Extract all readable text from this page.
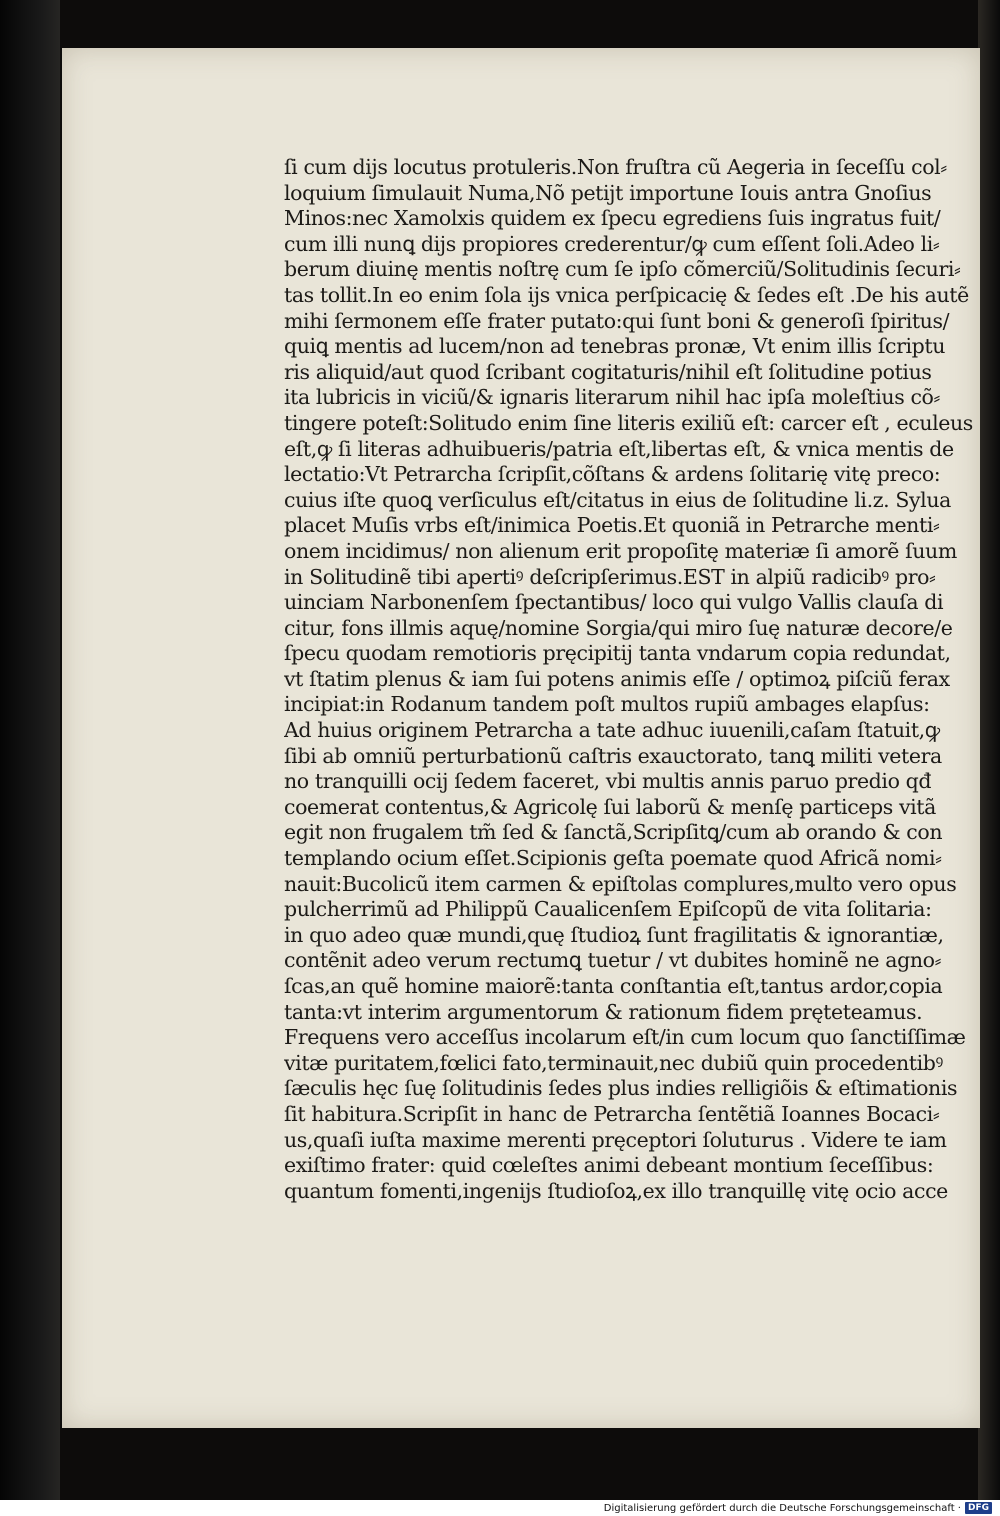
ſi cum dijs locutus protuleris.Non fruſtra cũ Aegeria in ſeceſſu col⸗
loquium ſimulauit Numa,Nõ petijt importune Iouis antra Gnoſius
Minos:nec Xamolxis quidem ex ſpecu egrediens ſuis ingratus fuit/
cum illi nunꝗ dijs propiores crederentur/ꝙ cum eſſent ſoli.Adeo li⸗
berum diuinę mentis noſtrę cum ſe ipſo cõmerciũ/Solitudinis ſecuri⸗
tas tollit.In eo enim ſola ijs vnica perſpicacię & ſedes eſt .De his autẽ
mihi ſermonem eſſe frater putato:qui ſunt boni & generoſi ſpiritus/
quiꝗ mentis ad lucem/non ad tenebras pronæ, Vt enim illis ſcriptu
ris aliquid/aut quod ſcribant cogitaturis/nihil eſt ſolitudine potius
ita lubricis in viciũ/& ignaris literarum nihil hac ipſa moleſtius cõ⸗
tingere poteſt:Solitudo enim ſine literis exiliũ eſt: carcer eſt , eculeus
eſt,ꝙ ſi literas adhuibueris/patria eſt,libertas eſt, & vnica mentis de
lectatio:Vt Petrarcha ſcripſit,cõſtans & ardens ſolitarię vitę preco:
cuius iſte quoꝗ verſiculus eſt/citatus in eius de ſolitudine li.z. Sylua
placet Muſis vrbs eſt/inimica Poetis.Et quoniã in Petrarche menti⸗
onem incidimus/ non alienum erit propoſitę materiæ ſi amorẽ ſuum
in Solitudinẽ tibi apertiꝰ deſcripſerimus.EST in alpiũ radicibꝰ pro⸗
uinciam Narbonenſem ſpectantibus/ loco qui vulgo Vallis clauſa di
citur, fons illmis aquę/nomine Sorgia/qui miro ſuę naturæ decore/e
ſpecu quodam remotioris pręcipitij tanta vndarum copia redundat,
vt ſtatim plenus & iam ſui potens animis eſſe / optimoꝝ piſciũ ferax
incipiat:in Rodanum tandem poſt multos rupiũ ambages elapſus:
Ad huius originem Petrarcha a tate adhuc iuuenili,caſam ſtatuit,ꝙ
ſibi ab omniũ perturbationũ caſtris exauctorato, tanꝗ militi vetera
no tranquilli ocij ſedem faceret, vbi multis annis paruo predio qđ
coemerat contentus,& Agricolę ſui laborũ & menſę particeps vitã
egit non frugalem tm̃ ſed & ſanctã,Scripſitꝗ/cum ab orando & con
templando ocium eſſet.Scipionis geſta poemate quod Africã nomi⸗
nauit:Bucolicũ item carmen & epiſtolas complures,multo vero opus
pulcherrimũ ad Philippũ Caualicenſem Epiſcopũ de vita ſolitaria:
in quo adeo quæ mundi,quę ſtudioꝝ ſunt fragilitatis & ignorantiæ,
contẽnit adeo verum rectumꝗ tuetur / vt dubites hominẽ ne agno⸗
ſcas,an quẽ homine maiorẽ:tanta conſtantia eſt,tantus ardor,copia
tanta:vt interim argumentorum & rationum fidem pręteteamus.
Frequens vero acceſſus incolarum eſt/in cum locum quo ſanctiſſimæ
vitæ puritatem,fœlici fato,terminauit,nec dubiũ quin procedentibꝰ
ſæculis hęc ſuę ſolitudinis ſedes plus indies relligiõis & eſtimationis
ſit habitura.Scripſit in hanc de Petrarcha ſentẽtiã Ioannes Bocaci⸗
us,quaſi iuſta maxime merenti pręceptori ſoluturus . Videre te iam
exiſtimo frater: quid cœleſtes animi debeant montium ſeceſſibus:
quantum fomenti,ingenijs ſtudioſoꝝ,ex illo tranquillę vitę ocio acce
Digitalisierung gefördert durch die Deutsche Forschungsgemeinschaft · DFG
